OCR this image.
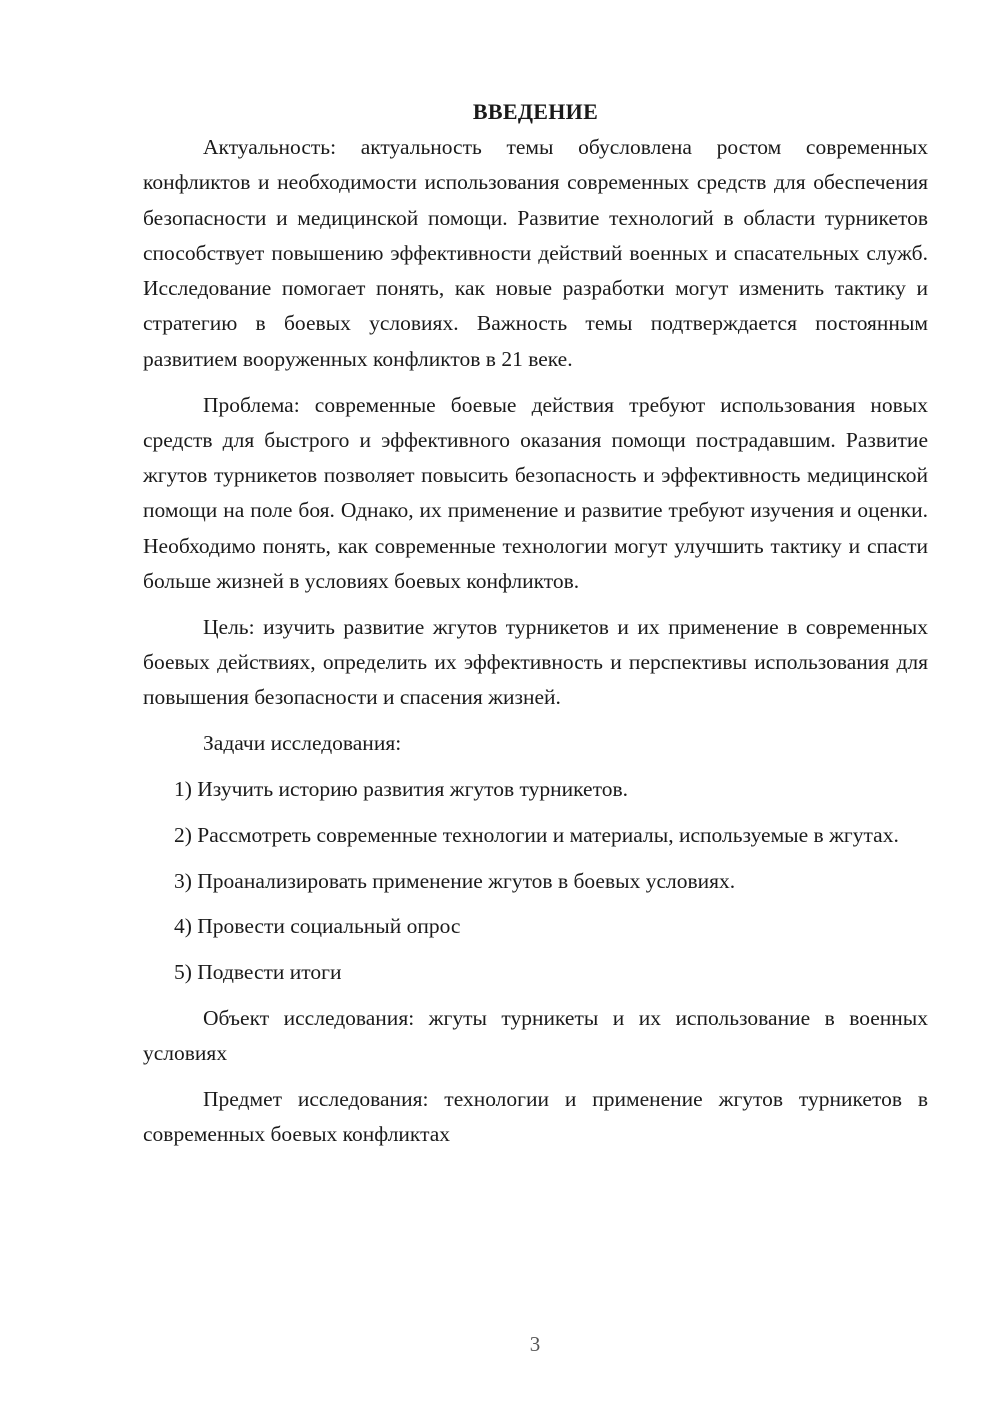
ВВЕДЕНИЕ

Актуальность: актуальность темы обусловлена ростом современных конфликтов и необходимости использования современных средств для обеспечения безопасности и медицинской помощи. Развитие технологий в области турникетов способствует повышению эффективности действий военных и спасательных служб. Исследование помогает понять, как новые разработки могут изменить тактику и стратегию в боевых условиях. Важность темы подтверждается постоянным развитием вооруженных конфликтов в 21 веке.

Проблема: современные боевые действия требуют использования новых средств для быстрого и эффективного оказания помощи пострадавшим. Развитие жгутов турникетов позволяет повысить безопасность и эффективность медицинской помощи на поле боя. Однако, их применение и развитие требуют изучения и оценки. Необходимо понять, как современные технологии могут улучшить тактику и спасти больше жизней в условиях боевых конфликтов.

Цель: изучить развитие жгутов турникетов и их применение в современных боевых действиях, определить их эффективность и перспективы использования для повышения безопасности и спасения жизней.

Задачи исследования:

1) Изучить историю развития жгутов турникетов.

2) Рассмотреть современные технологии и материалы, используемые в жгутах.

3) Проанализировать применение жгутов в боевых условиях.

4) Провести социальный опрос

5) Подвести итоги

Объект исследования: жгуты турникеты и их использование в военных условиях

Предмет исследования: технологии и применение жгутов турникетов в современных боевых конфликтах

3
